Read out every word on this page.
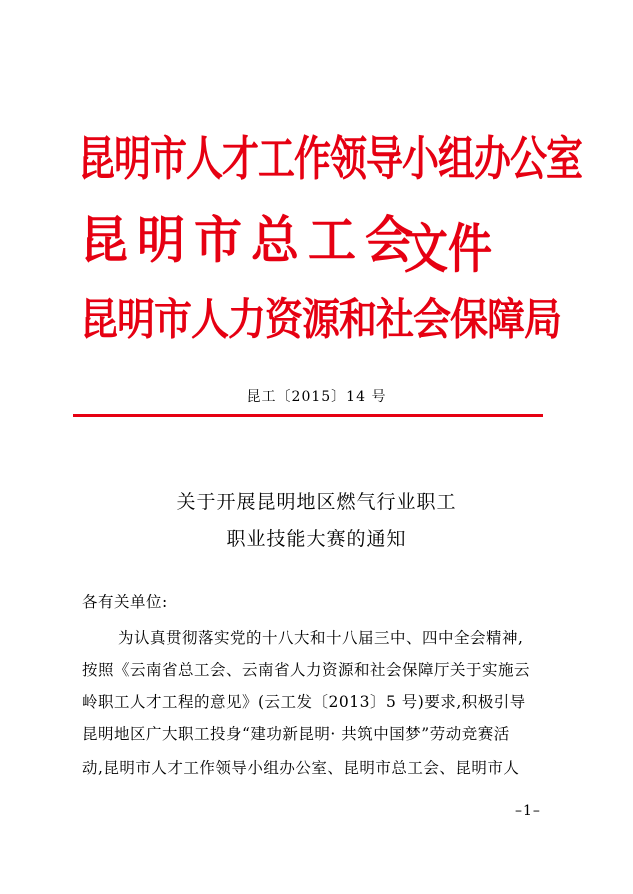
昆明市人才工作领导小组办公室
昆明市总工会
文件
昆明市人力资源和社会保障局
昆工〔2015〕14 号
关于开展昆明地区燃气行业职工
职业技能大赛的通知
各有关单位:
为认真贯彻落实党的十八大和十八届三中、四中全会精神,
按照《云南省总工会、云南省人力资源和社会保障厅关于实施云
岭职工人才工程的意见》(云工发〔2013〕5 号)要求,积极引导
昆明地区广大职工投身“建功新昆明· 共筑中国梦”劳动竞赛活
动,昆明市人才工作领导小组办公室、昆明市总工会、昆明市人
–1–
